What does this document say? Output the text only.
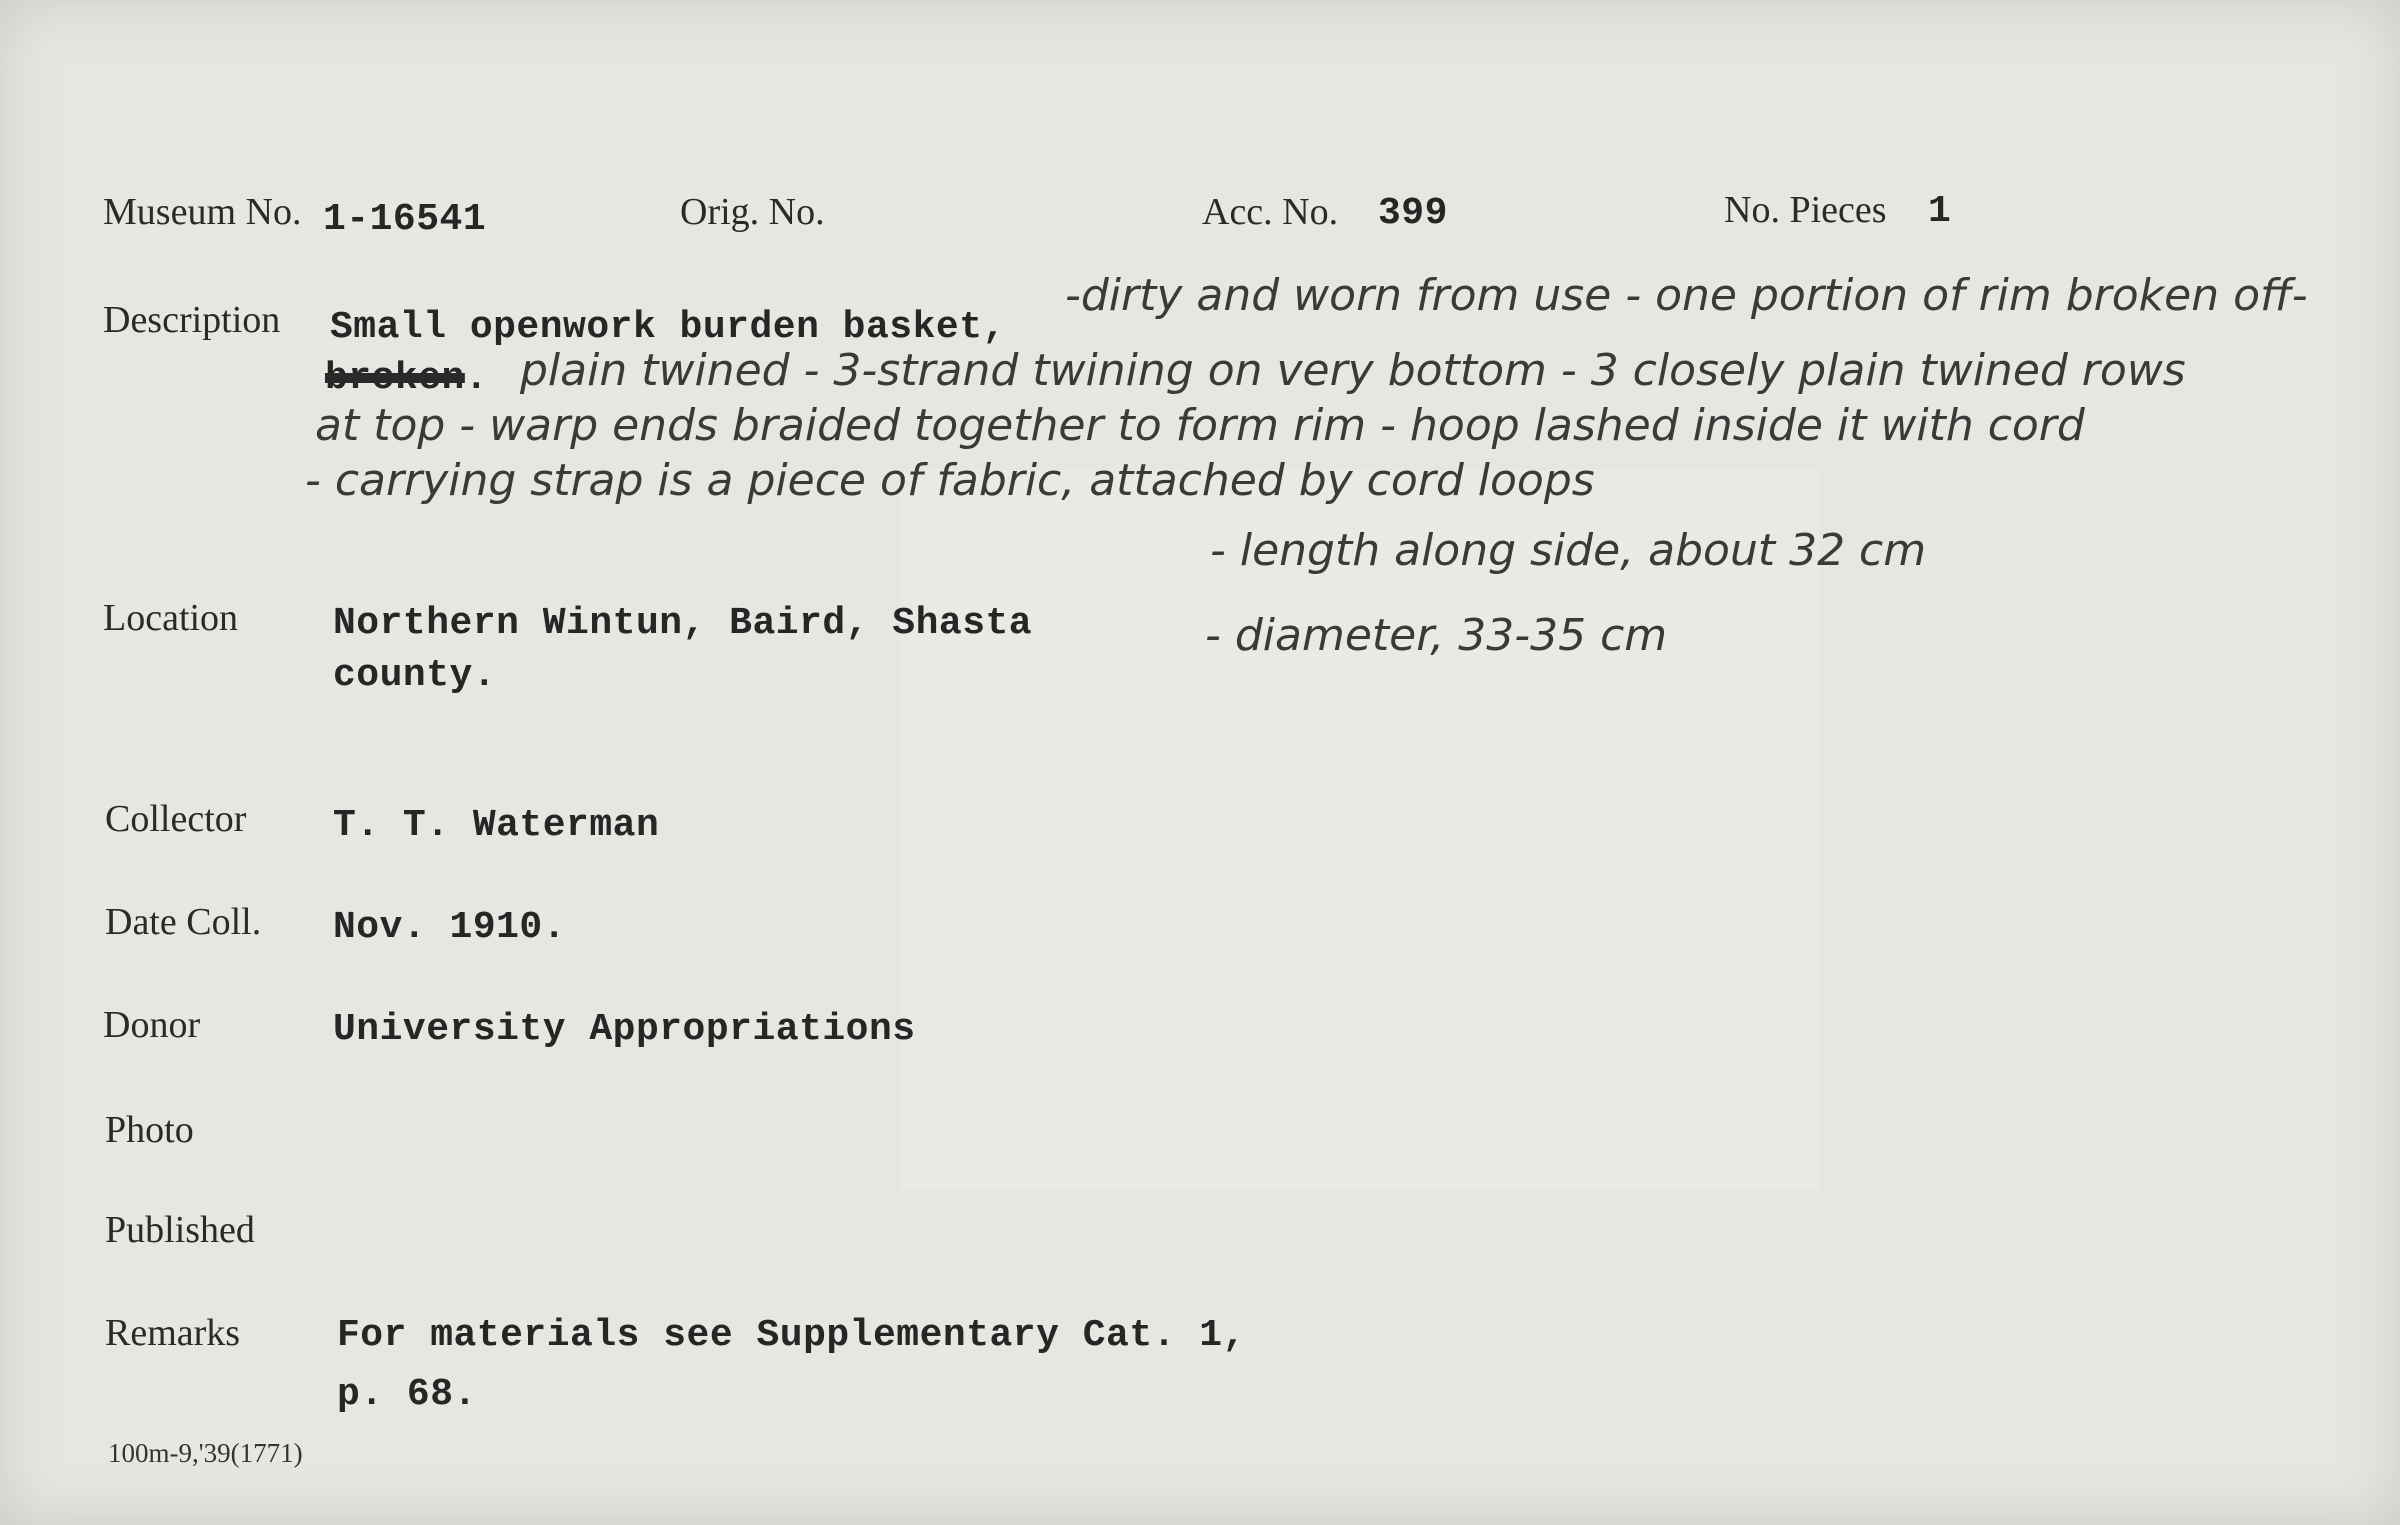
Museum No. 1-16541	Orig. No.	Acc. No. 399	No. Pieces 1
Description Small openwork burden basket,
-dirty and worn from use - one portion of rim broken off-
broken. plain twined - 3-strand twining on very bottom - 3 closely plain twined rows
at top - warp ends braided together to form rim - hoop lashed inside it with cord
- carrying strap is a piece of fabric, attached by cord loops
- length along side, about 32 cm
- diameter, 33-35 cm
Location Northern Wintun, Baird, Shasta
county.
Collector T. T. Waterman
Date Coll. Nov. 1910.
Donor	University Appropriations
Photo
Published
Remarks	For materials see Supplementary Cat. 1,
p. 68.
100m-9,'39(1771)
